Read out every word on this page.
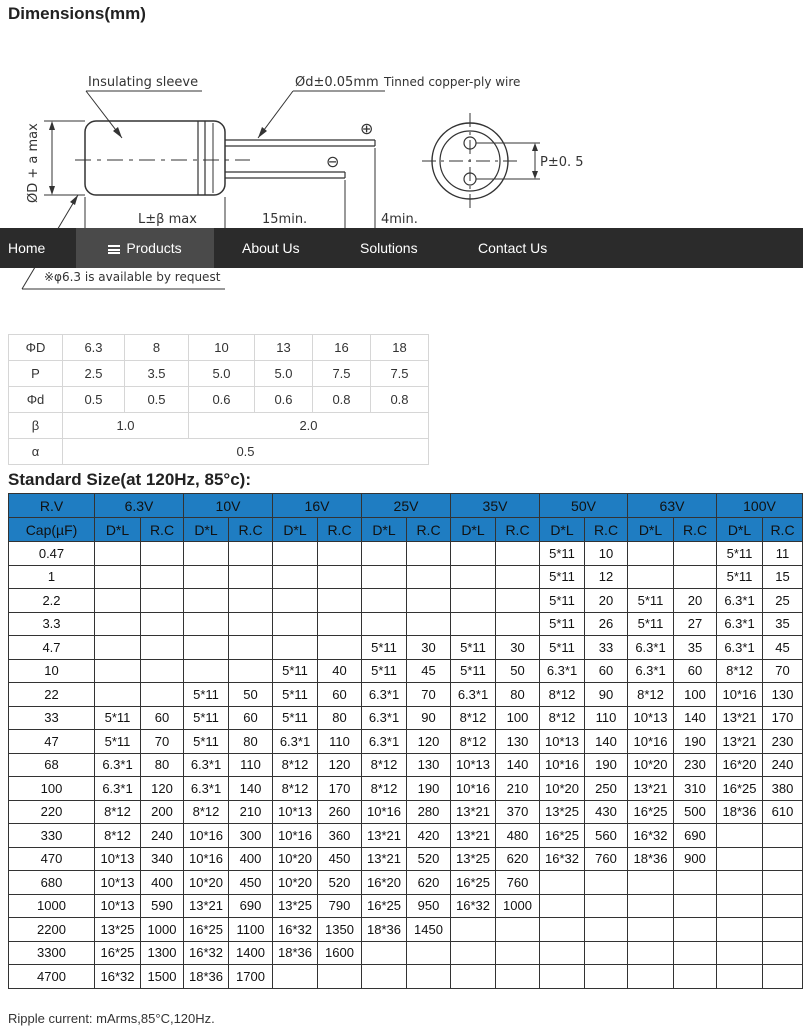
Dimensions(mm)
⊕
⊖
Insulating sleeve	Ød±0.05mm Tinned copper-ply wire
ØD + a max
L±β max	15min.	4min.
P±0. 5
※φ6.3 is available by request
Home	Products	About Us	Solutions	Contact Us
ΦD	6.3	8	10	13	16	18
P	2.5	3.5	5.0	5.0	7.5	7.5
Φd	0.5	0.5	0.6	0.6	0.8	0.8
β	1.0		2.0			
α	0.5					
Standard Size(at 120Hz, 85°c):
R.V	6.3V		10V		16V		25V		35V		50V		63V		100V	
Cap(µF)	D*L	R.C	D*L	R.C	D*L	R.C	D*L	R.C	D*L	R.C	D*L	R.C	D*L	R.C	D*L	R.C
0.47											5*11	10			5*11	11
1											5*11	12			5*11	15
2.2											5*11	20	5*11	20	6.3*1	25
3.3											5*11	26	5*11	27	6.3*1	35
4.7							5*11	30	5*11	30	5*11	33	6.3*1	35	6.3*1	45
10					5*11	40	5*11	45	5*11	50	6.3*1	60	6.3*1	60	8*12	70
22			5*11	50	5*11	60	6.3*1	70	6.3*1	80	8*12	90	8*12	100	10*16	130
33	5*11	60	5*11	60	5*11	80	6.3*1	90	8*12	100	8*12	110	10*13	140	13*21	170
47	5*11	70	5*11	80	6.3*1	110	6.3*1	120	8*12	130	10*13	140	10*16	190	13*21	230
68	6.3*1	80	6.3*1	110	8*12	120	8*12	130	10*13	140	10*16	190	10*20	230	16*20	240
100	6.3*1	120	6.3*1	140	8*12	170	8*12	190	10*16	210	10*20	250	13*21	310	16*25	380
220	8*12	200	8*12	210	10*13	260	10*16	280	13*21	370	13*25	430	16*25	500	18*36	610
330	8*12	240	10*16	300	10*16	360	13*21	420	13*21	480	16*25	560	16*32	690		
470	10*13	340	10*16	400	10*20	450	13*21	520	13*25	620	16*32	760	18*36	900		
680	10*13	400	10*20	450	10*20	520	16*20	620	16*25	760						
1000	10*13	590	13*21	690	13*25	790	16*25	950	16*32	1000						
2200	13*25	1000	16*25	1100	16*32	1350	18*36	1450								
3300	16*25	1300	16*32	1400	18*36	1600										
4700	16*32	1500	18*36	1700												
Ripple current: mArms,85°C,120Hz.
